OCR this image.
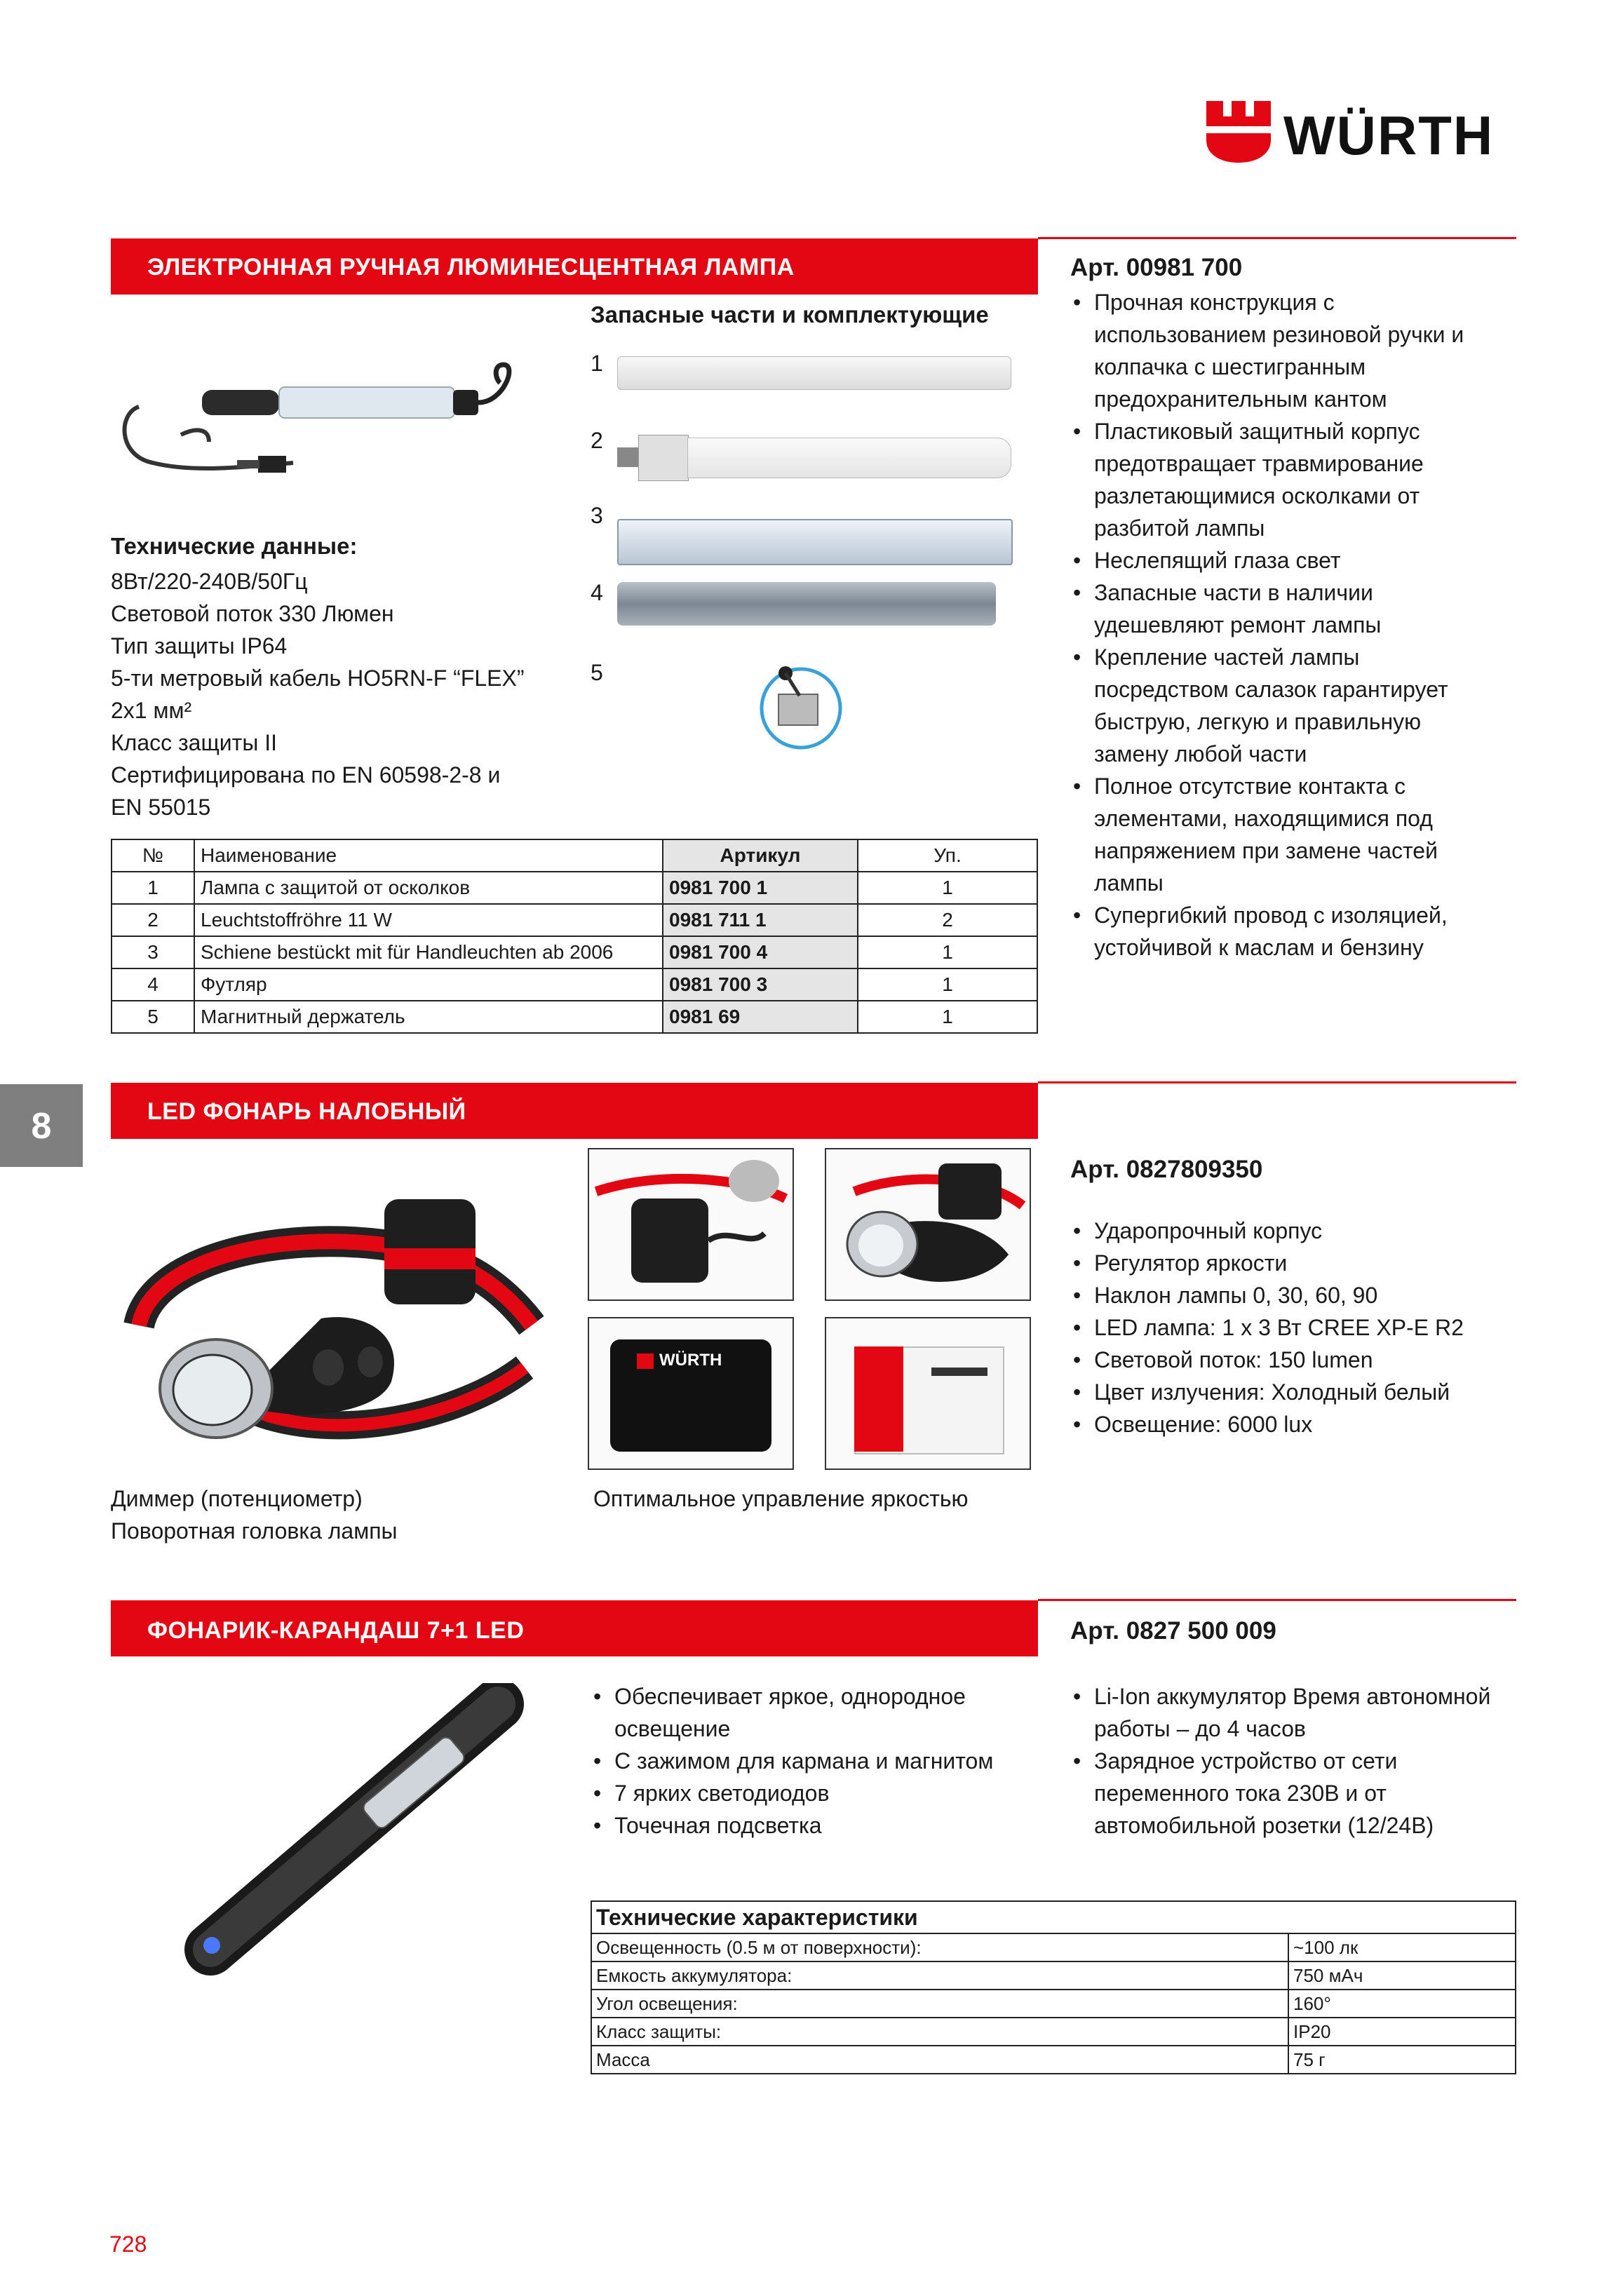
WÜRTH
8
ЭЛЕКТРОННАЯ РУЧНАЯ ЛЮМИНЕСЦЕНТНАЯ ЛАМПА	Арт. 00981 700
Запасные части и комплектующие
1
2
3
4
5
Технические данные:
8Вт/220-240В/50Гц
Световой поток 330 Люмен
Тип защиты IP64
5-ти метровый кабель HO5RN-F “FLEX”
2x1 мм²
Класс защиты II
Сертифицирована по EN 60598-2-8 и
EN 55015
• Прочная конструкция с использованием резиновой ручки и колпачка с шестигранным предохранительным кантом
• Пластиковый защитный корпус предотвращает травмирование разлетающимися осколками от разбитой лампы
• Неслепящий глаза свет
• Запасные части в наличии удешевляют ремонт лампы
• Крепление частей лампы посредством салазок гарантирует быструю, легкую и правильную замену любой части
• Полное отсутствие контакта с элементами, находящимися под напряжением при замене частей лампы
• Супергибкий провод с изоляцией, устойчивой к маслам и бензину
№	Наименование	Артикул	Уп.
1	Лампа с защитой от осколков	0981 700 1	1
2	Leuchtstoffröhre 11 W	0981 711 1	2
3	Schiene bestückt mit für Handleuchten ab 2006	0981 700 4	1
4	Футляр	0981 700 3	1
5	Магнитный держатель	0981 69	1
LED ФОНАРЬ НАЛОБНЫЙ
Арт. 0827809350
WÜRTH
Диммер (потенциометр)
Поворотная головка лампы
Оптимальное управление яркостью
• Ударопрочный корпус
• Регулятор яркости
• Наклон лампы 0, 30, 60, 90
• LED лампа: 1 x 3 Вт CREE XP-E R2
• Световой поток: 150 lumen
• Цвет излучения: Холодный белый
• Освещение: 6000 lux
ФОНАРИК-КАРАНДАШ 7+1 LED	Арт. 0827 500 009
• Обеспечивает яркое, однородное освещение
• С зажимом для кармана и магнитом
• 7 ярких светодиодов
• Точечная подсветка
• Li-Ion аккумулятор Время автономной работы – до 4 часов
• Зарядное устройство от сети переменного тока 230В и от автомобильной розетки (12/24В)
Технические характеристики	
Освещенность (0.5 м от поверхности):	~100 лк
Емкость аккумулятора:	750 мАч
Угол освещения:	160°
Класс защиты:	IP20
Масса	75 г
728
